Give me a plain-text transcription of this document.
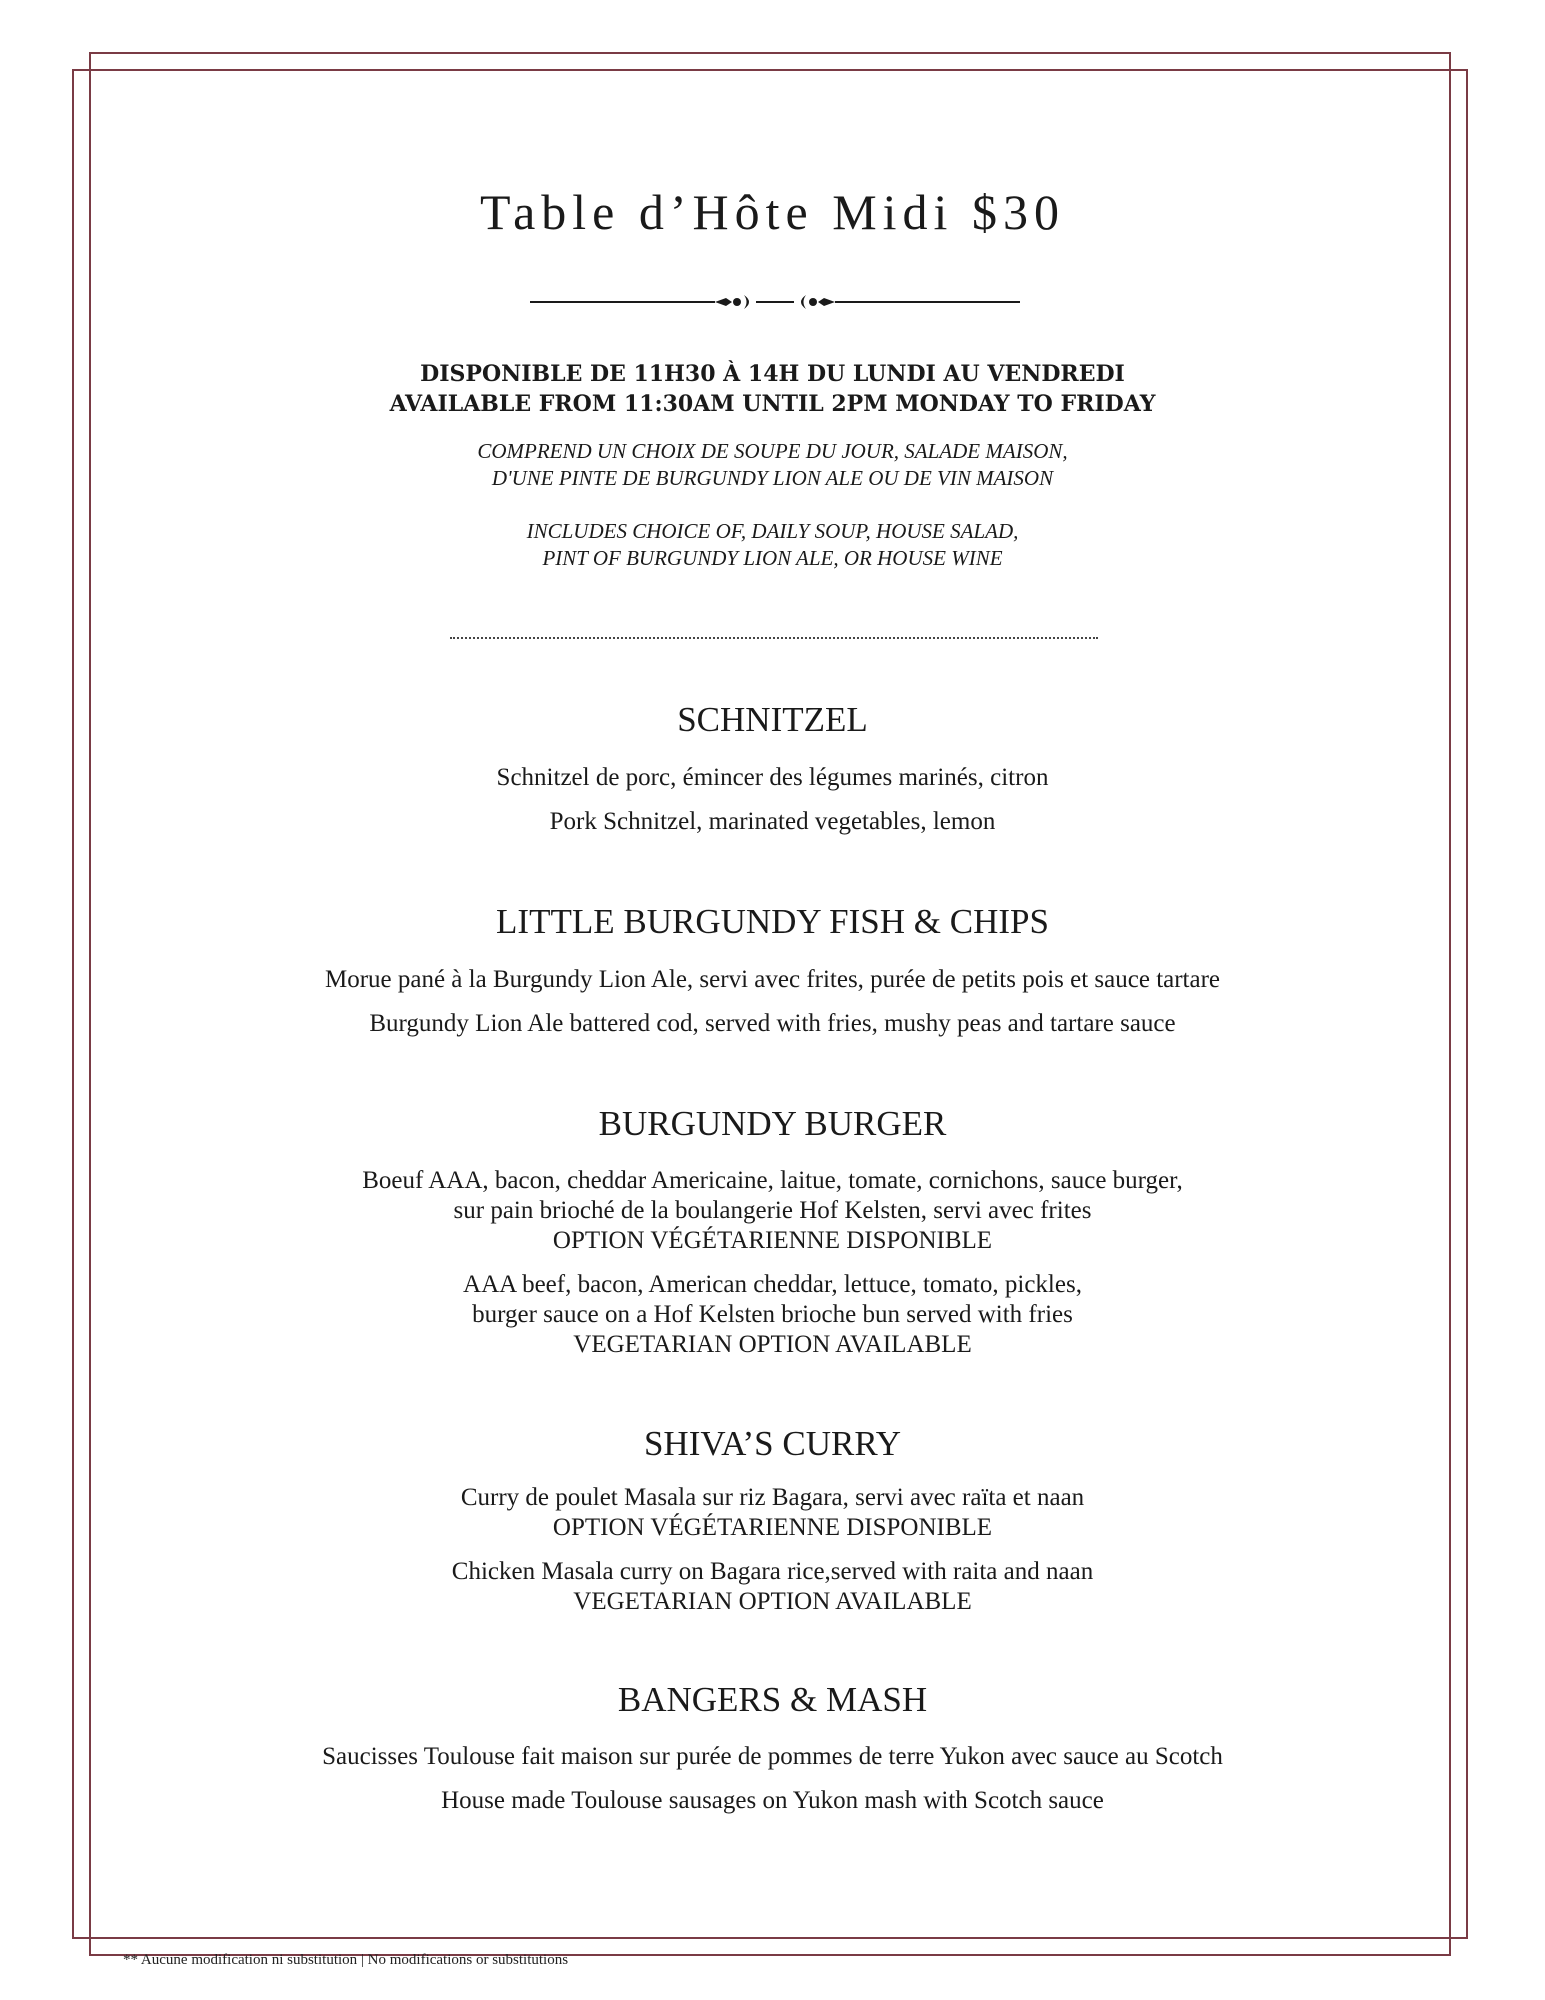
Table d’Hôte Midi $30
DISPONIBLE DE 11H30 À 14H DU LUNDI AU VENDREDI
AVAILABLE FROM 11:30AM UNTIL 2PM MONDAY TO FRIDAY
COMPREND UN CHOIX DE SOUPE DU JOUR, SALADE MAISON,
D'UNE PINTE DE BURGUNDY LION ALE OU DE VIN MAISON
INCLUDES CHOICE OF, DAILY SOUP, HOUSE SALAD,
PINT OF BURGUNDY LION ALE, OR HOUSE WINE
SCHNITZEL
Schnitzel de porc, émincer des légumes marinés, citron
Pork Schnitzel, marinated vegetables, lemon
LITTLE BURGUNDY FISH & CHIPS
Morue pané à la Burgundy Lion Ale, servi avec frites, purée de petits pois et sauce tartare
Burgundy Lion Ale battered cod, served with fries, mushy peas and tartare sauce
BURGUNDY BURGER
Boeuf AAA, bacon, cheddar Americaine, laitue, tomate, cornichons, sauce burger,
sur pain brioché de la boulangerie Hof Kelsten, servi avec frites
OPTION VÉGÉTARIENNE DISPONIBLE
AAA beef, bacon, American cheddar, lettuce, tomato, pickles,
burger sauce on a Hof Kelsten brioche bun served with fries
VEGETARIAN OPTION AVAILABLE
SHIVA’S CURRY
Curry de poulet Masala sur riz Bagara, servi avec raïta et naan
OPTION VÉGÉTARIENNE DISPONIBLE
Chicken Masala curry on Bagara rice,served with raita and naan
VEGETARIAN OPTION AVAILABLE
BANGERS & MASH
Saucisses Toulouse fait maison sur purée de pommes de terre Yukon avec sauce au Scotch
House made Toulouse sausages on Yukon mash with Scotch sauce
** Aucune modification ni substitution | No modifications or substitutions
